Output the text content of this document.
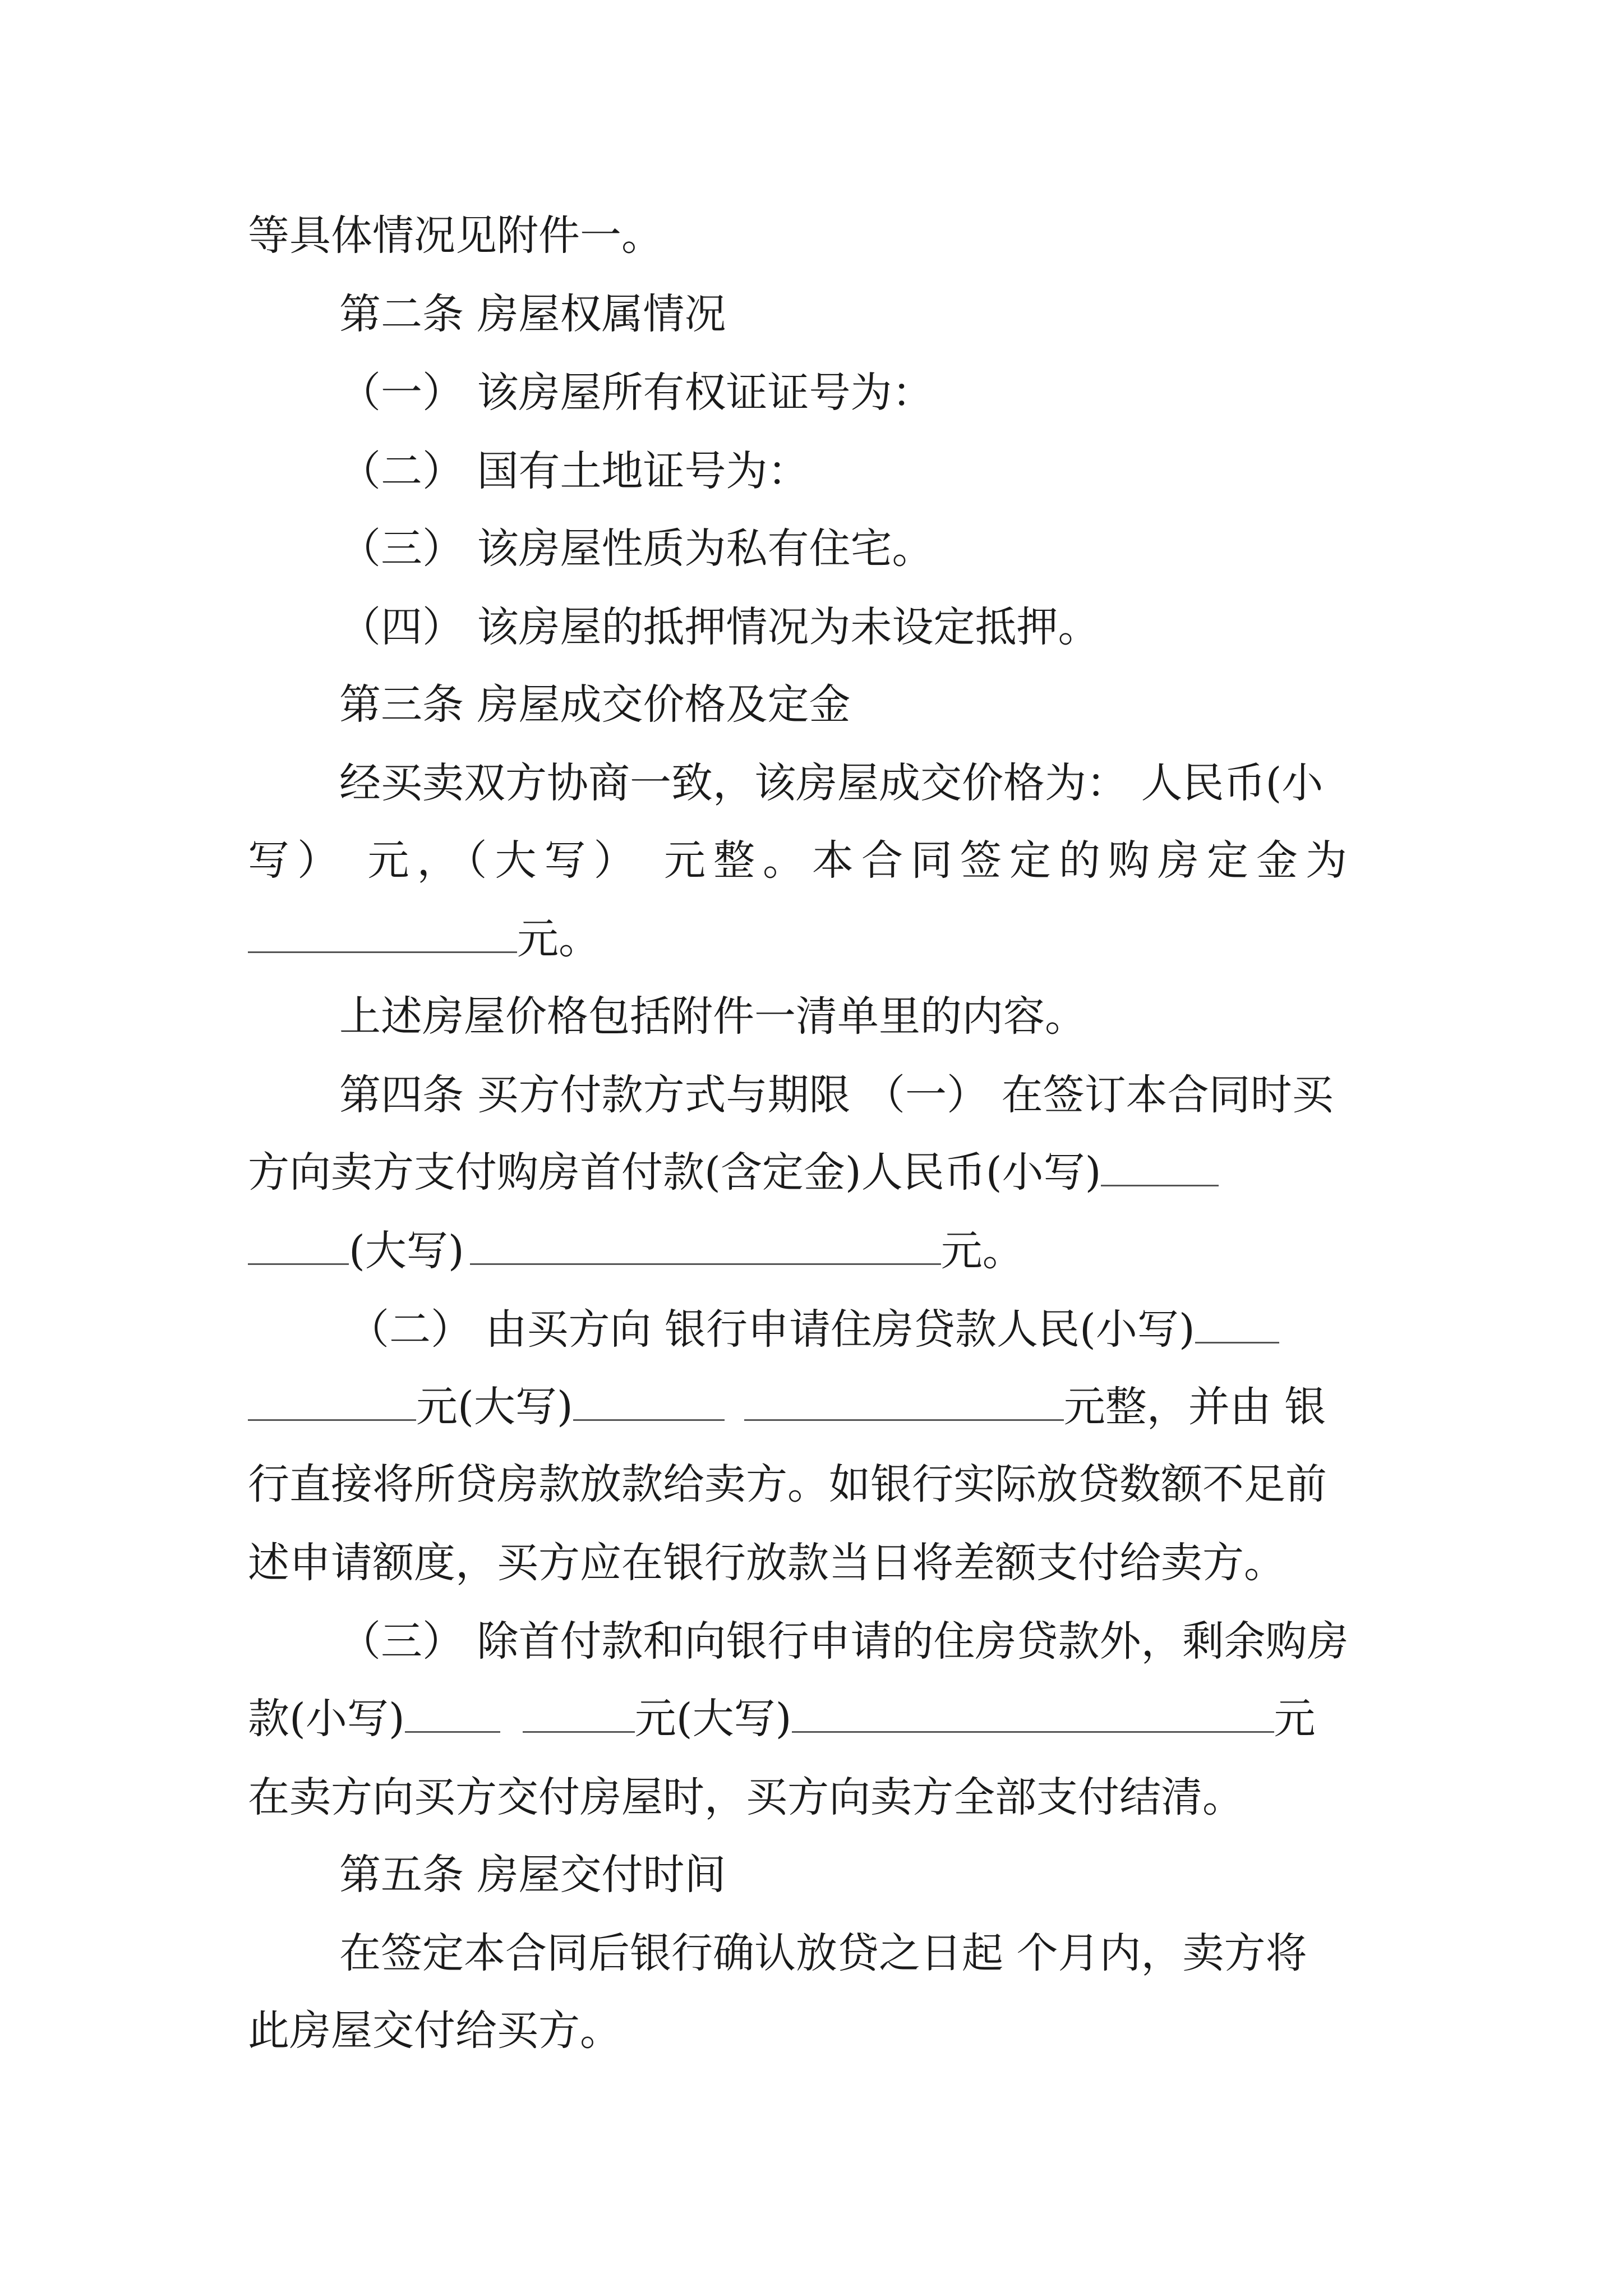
等具体情况见附件一。
第二条 房屋权属情况
（一） 该房屋所有权证证号为：
（二） 国有土地证号为：
（三） 该房屋性质为私有住宅。
（四） 该房屋的抵押情况为未设定抵押。
第三条 房屋成交价格及定金
经买卖双方协商一致，该房屋成交价格为： 人民币(小
写） 元，（大写） 元整。本合同签定的购房定金为
元。
上述房屋价格包括附件一清单里的内容。
第四条 买方付款方式与期限 （一） 在签订本合同时买
方向卖方支付购房首付款(含定金)人民币(小写)
(大写)	元。
（二） 由买方向 银行申请住房贷款人民(小写)
元(大写)	元整，并由 银
行直接将所贷房款放款给卖方。如银行实际放贷数额不足前
述申请额度，买方应在银行放款当日将差额支付给卖方。
（三） 除首付款和向银行申请的住房贷款外，剩余购房
款(小写)	元(大写)	元
在卖方向买方交付房屋时，买方向卖方全部支付结清。
第五条 房屋交付时间
在签定本合同后银行确认放贷之日起 个月内，卖方将
此房屋交付给买方。
